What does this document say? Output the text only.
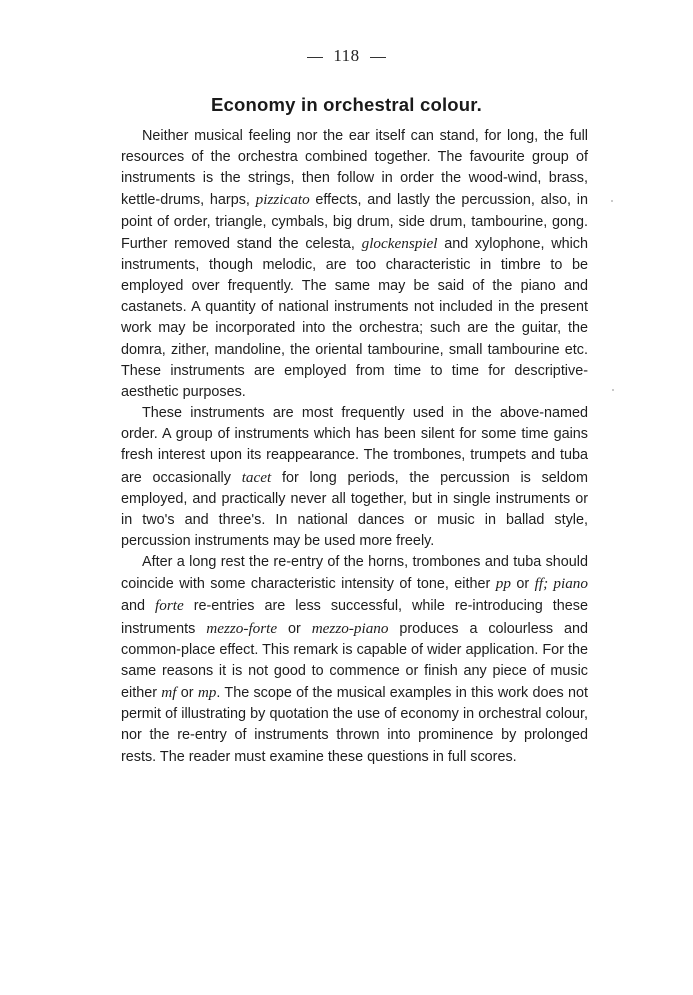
118
Economy in orchestral colour.

Neither musical feeling nor the ear itself can stand, for long, the full resources of the orchestra combined together. The favourite group of instruments is the strings, then follow in order the wood-wind, brass, kettle-drums, harps, pizzicato effects, and lastly the percussion, also, in point of order, triangle, cymbals, big drum, side drum, tambourine, gong. Further removed stand the celesta, glockenspiel and xylophone, which instruments, though melodic, are too characteristic in timbre to be employed over frequently. The same may be said of the piano and castanets. A quantity of national instruments not included in the present work may be incorporated into the orchestra; such are the guitar, the domra, zither, mandoline, the oriental tambourine, small tambourine etc. These instruments are employed from time to time for descriptive-aesthetic purposes.

These instruments are most frequently used in the above-named order. A group of instruments which has been silent for some time gains fresh interest upon its reappearance. The trombones, trumpets and tuba are occasionally tacet for long periods, the percussion is seldom employed, and practically never all together, but in single instruments or in two's and three's. In national dances or music in ballad style, percussion instruments may be used more freely.

After a long rest the re-entry of the horns, trombones and tuba should coincide with some characteristic intensity of tone, either pp or ff; piano and forte re-entries are less successful, while re-introducing these instruments mezzo-forte or mezzo-piano produces a colourless and common-place effect. This remark is capable of wider application. For the same reasons it is not good to commence or finish any piece of music either mf or mp. The scope of the musical examples in this work does not permit of illustrating by quotation the use of economy in orchestral colour, nor the re-entry of instruments thrown into prominence by prolonged rests. The reader must examine these questions in full scores.
